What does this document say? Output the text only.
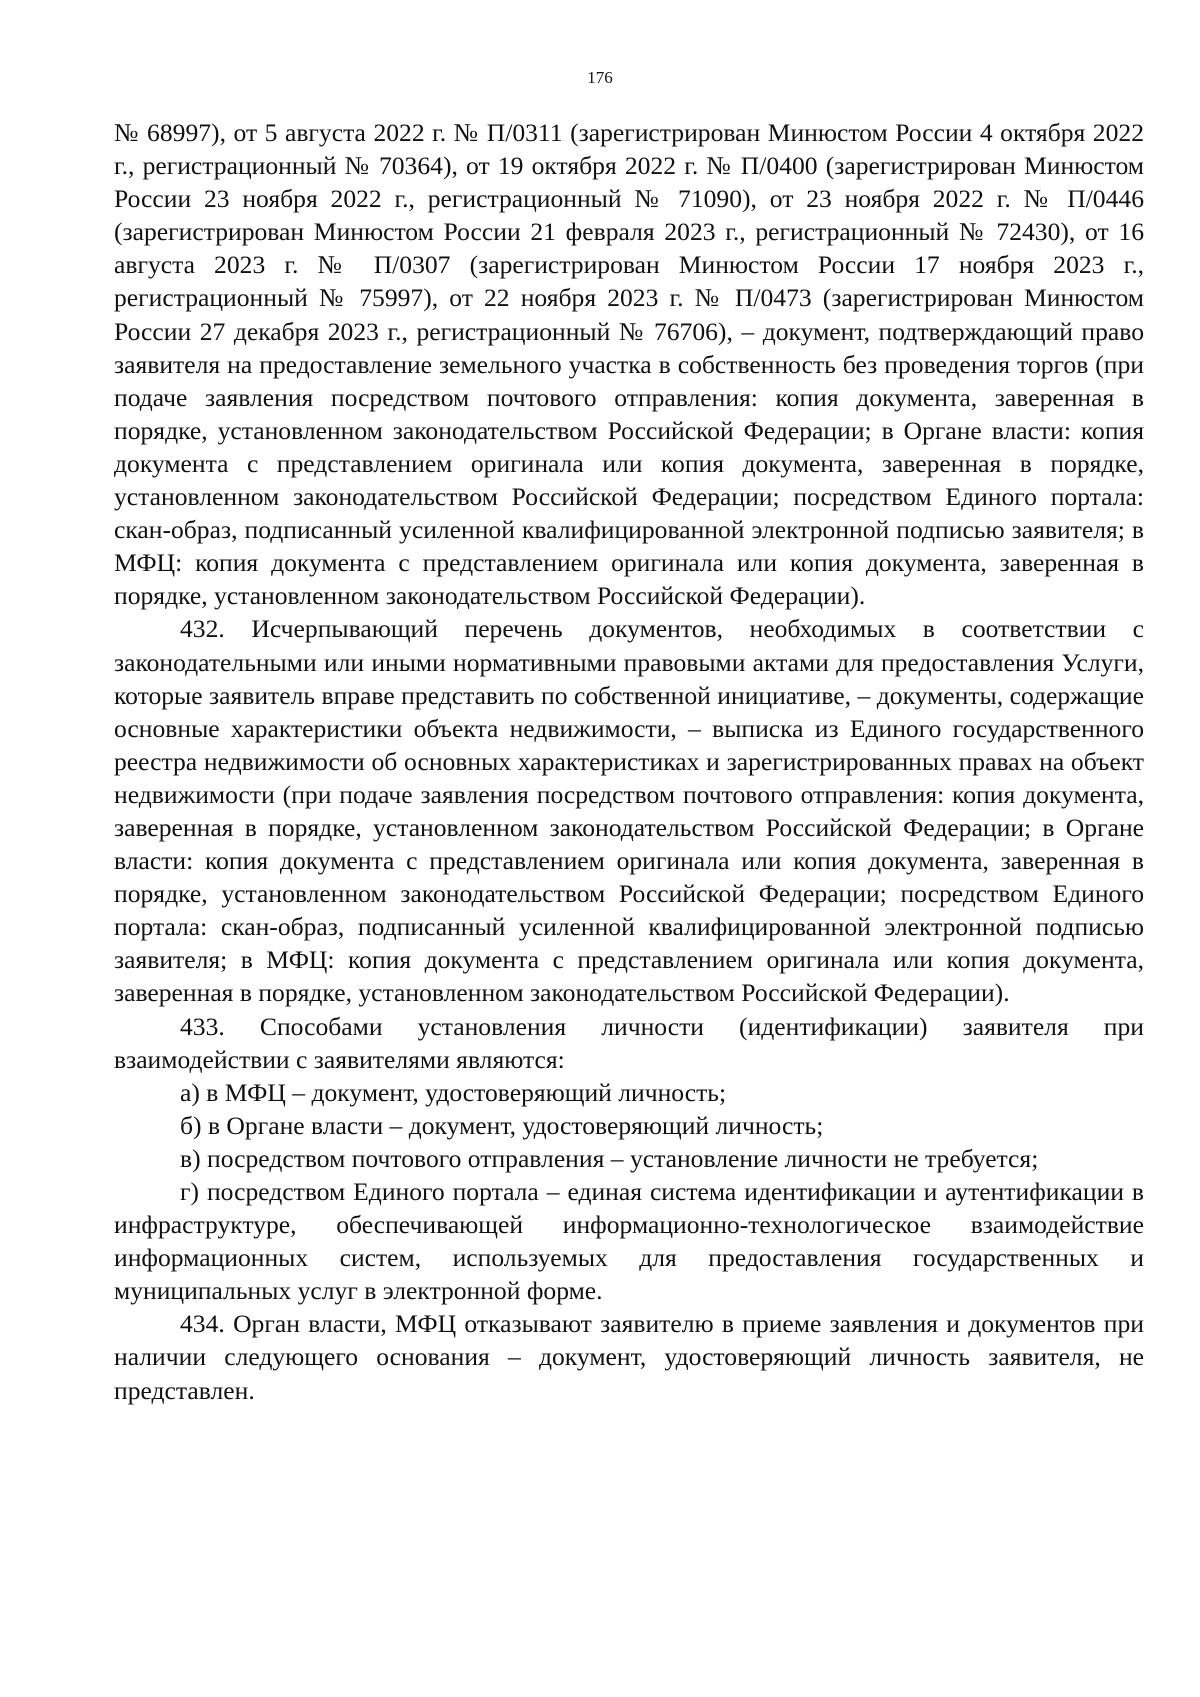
176

№ 68997), от 5 августа 2022 г. № П/0311 (зарегистрирован Минюстом России 4 октября 2022 г., регистрационный № 70364), от 19 октября 2022 г. № П/0400 (зарегистрирован Минюстом России 23 ноября 2022 г., регистрационный № 71090), от 23 ноября 2022 г. № П/0446 (зарегистрирован Минюстом России 21 февраля 2023 г., регистрационный № 72430), от 16 августа 2023 г. № П/0307 (зарегистрирован Минюстом России 17 ноября 2023 г., регистрационный № 75997), от 22 ноября 2023 г. № П/0473 (зарегистрирован Минюстом России 27 декабря 2023 г., регистрационный № 76706), – документ, подтверждающий право заявителя на предоставление земельного участка в собственность без проведения торгов (при подаче заявления посредством почтового отправления: копия документа, заверенная в порядке, установленном законодательством Российской Федерации; в Органе власти: копия документа с представлением оригинала или копия документа, заверенная в порядке, установленном законодательством Российской Федерации; посредством Единого портала: скан-образ, подписанный усиленной квалифицированной электронной подписью заявителя; в МФЦ: копия документа с представлением оригинала или копия документа, заверенная в порядке, установленном законодательством Российской Федерации).

432. Исчерпывающий перечень документов, необходимых в соответствии с законодательными или иными нормативными правовыми актами для предоставления Услуги, которые заявитель вправе представить по собственной инициативе, – документы, содержащие основные характеристики объекта недвижимости, – выписка из Единого государственного реестра недвижимости об основных характеристиках и зарегистрированных правах на объект недвижимости (при подаче заявления посредством почтового отправления: копия документа, заверенная в порядке, установленном законодательством Российской Федерации; в Органе власти: копия документа с представлением оригинала или копия документа, заверенная в порядке, установленном законодательством Российской Федерации; посредством Единого портала: скан-образ, подписанный усиленной квалифицированной электронной подписью заявителя; в МФЦ: копия документа с представлением оригинала или копия документа, заверенная в порядке, установленном законодательством Российской Федерации).

433. Способами установления личности (идентификации) заявителя при взаимодействии с заявителями являются:

а) в МФЦ – документ, удостоверяющий личность;

б) в Органе власти – документ, удостоверяющий личность;

в) посредством почтового отправления – установление личности не требуется;

г) посредством Единого портала – единая система идентификации и аутентификации в инфраструктуре, обеспечивающей информационно-технологическое взаимодействие информационных систем, используемых для предоставления государственных и муниципальных услуг в электронной форме.

434. Орган власти, МФЦ отказывают заявителю в приеме заявления и документов при наличии следующего основания – документ, удостоверяющий личность заявителя, не представлен.
